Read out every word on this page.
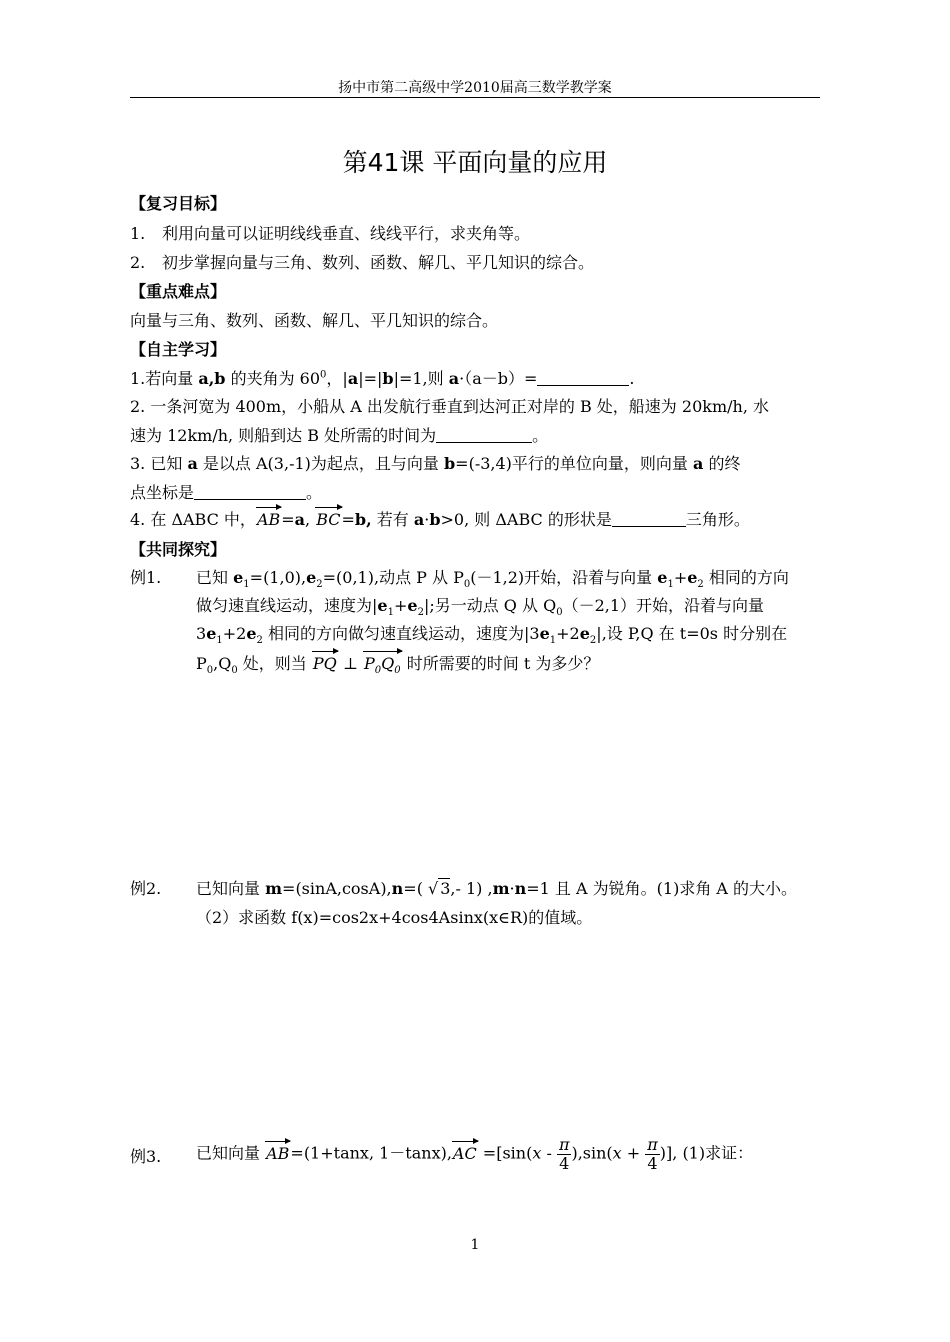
扬中市第二高级中学2010届高三数学教学案
第41课 平面向量的应用
【复习目标】
1. 利用向量可以证明线线垂直、线线平行，求夹角等。
2. 初步掌握向量与三角、数列、函数、解几、平几知识的综合。
【重点难点】
向量与三角、数列、函数、解几、平几知识的综合。
【自主学习】
1.若向量 a,b 的夹角为 $60^0$，|a|=|b|=1,则 a·（a－b）=	.
2. 一条河宽为 400m，小船从 A 出发航行垂直到达河正对岸的 B 处，船速为 20km/h, 水
速为 12km/h, 则船到达 B 处所需的时间为	。
3. 已知 a 是以点 A(3,-1)为起点，且与向量 b=(-3,4)平行的单位向量，则向量 a 的终
点坐标是	。
4. 在 ΔABC 中，AB=a, BC=b, 若有 a·b>0, 则 ΔABC 的形状是	三角形。
【共同探究】
例1. 已知 $e_1=(1,0),e_2=(0,1)$,动点 P 从 $P_0(-1,2)$开始，沿着与向量 $e_1+e_2$ 相同的方向
做匀速直线运动，速度为$|e_1+e_2|$;另一动点 Q 从 $Q_0(-2,1)$开始，沿着与向量
$3e_1+2e_2$ 相同的方向做匀速直线运动，速度为$|3e_1+2e_2|$,设 P,Q 在 t=0s 时分别在
$P_0,Q_0$ 处，则当 PQ ⊥ $P_0Q_0$ 时所需要的时间 t 为多少？
例2. 已知向量 m=(sinA,cosA),n=( √ 3,- 1) ,m·n=1 且 A 为锐角。(1)求角 A 的大小。
（2）求函数 f(x)=cos2x+4cos4Asinx(x∈R)的值域。
例3. 已知向量 AB=(1+tanx, $1-\tan x),AC =[\sin(x - \frac{\pi}{4} ),\sin(x + \frac{\pi}{4}$ )], (1)求证：
1
